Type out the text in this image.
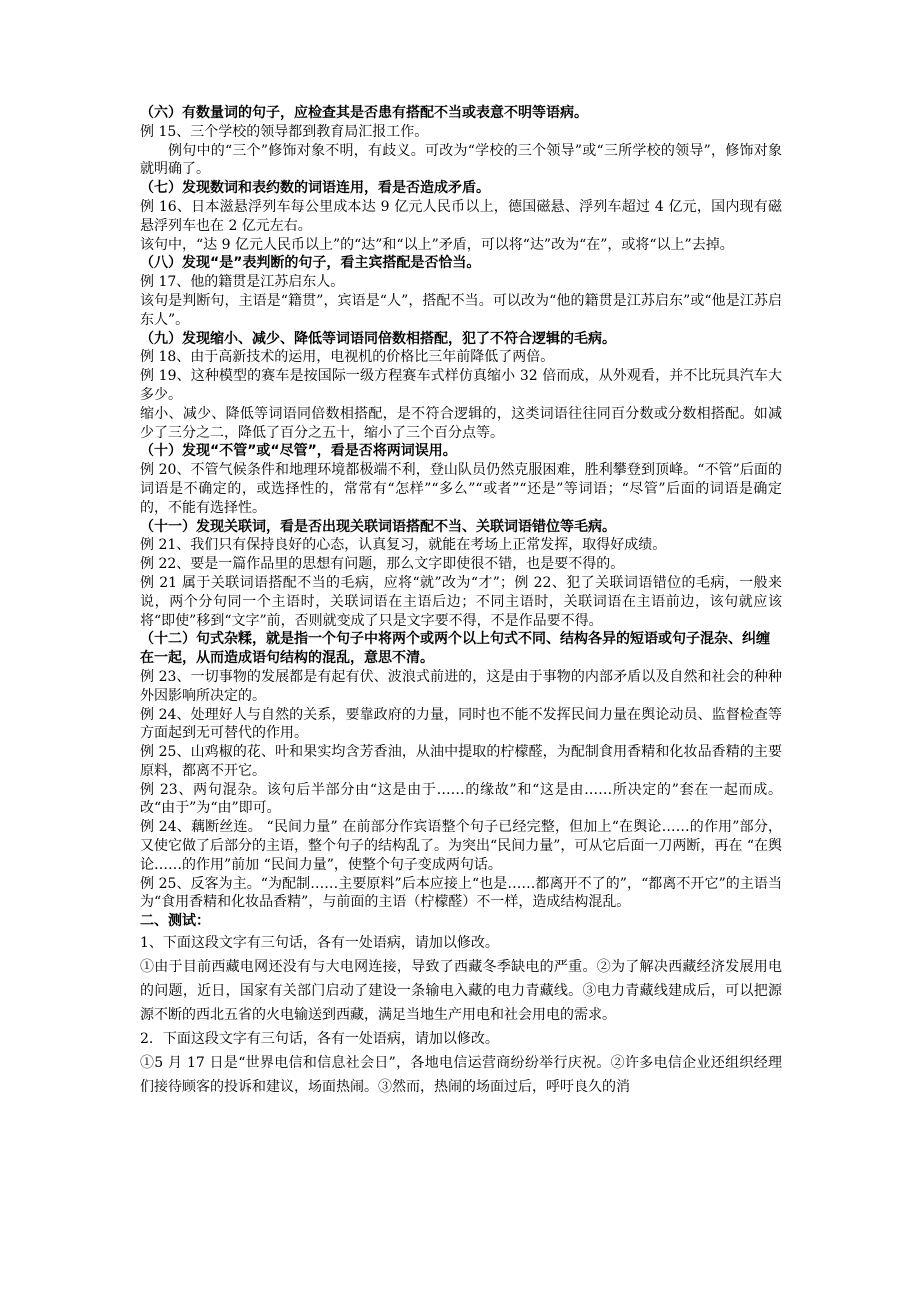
（六）有数量词的句子，应检查其是否患有搭配不当或表意不明等语病。

例 15、三个学校的领导都到教育局汇报工作。

例句中的“三个”修饰对象不明，有歧义。可改为“学校的三个领导”或“三所学校的领导”，修饰对象就明确了。

（七）发现数词和表约数的词语连用，看是否造成矛盾。

例 16、日本滋悬浮列车每公里成本达 9 亿元人民币以上，德国磁悬、浮列车超过 4 亿元，国内现有磁悬浮列车也在 2 亿元左右。

该句中，“达 9 亿元人民币以上”的“达”和“以上”矛盾，可以将“达”改为“在”，或将“以上”去掉。

（八）发现“是”表判断的句子，看主宾搭配是否恰当。

例 17、他的籍贯是江苏启东人。

该句是判断句，主语是“籍贯”，宾语是“人”，搭配不当。可以改为“他的籍贯是江苏启东”或“他是江苏启东人”。

（九）发现缩小、减少、降低等词语同倍数相搭配，犯了不符合逻辑的毛病。

例 18、由于高新技术的运用，电视机的价格比三年前降低了两倍。

例 19、这种模型的赛车是按国际一级方程赛车式样仿真缩小 32 倍而成，从外观看，并不比玩具汽车大多少。

缩小、减少、降低等词语同倍数相搭配，是不符合逻辑的，这类词语往往同百分数或分数相搭配。如减少了三分之二，降低了百分之五十，缩小了三个百分点等。

（十）发现“不管”或“尽管”，看是否将两词误用。

例 20、不管气候条件和地理环境都极端不利，登山队员仍然克服困难，胜利攀登到顶峰。“不管”后面的词语是不确定的，或选择性的，常常有“怎样”“多么”“或者”“还是”等词语；“尽管”后面的词语是确定的，不能有选择性。

（十一）发现关联词，看是否出现关联词语搭配不当、关联词语错位等毛病。

例 21、我们只有保持良好的心态，认真复习，就能在考场上正常发挥，取得好成绩。

例 22、要是一篇作品里的思想有问题，那么文字即使很不错，也是要不得的。

例 21 属于关联词语搭配不当的毛病，应将“就”改为“才”；例 22、犯了关联词语错位的毛病，一般来说，两个分句同一个主语时，关联词语在主语后边；不同主语时，关联词语在主语前边，该句就应该将“即使”移到“文字”前，否则就变成了只是文字要不得，不是作品要不得。

（十二）句式杂糅，就是指一个句子中将两个或两个以上句式不同、结构各异的短语或句子混杂、纠缠在一起，从而造成语句结构的混乱，意思不清。

例 23、一切事物的发展都是有起有伏、波浪式前进的，这是由于事物的内部矛盾以及自然和社会的种种外因影响所决定的。

例 24、处理好人与自然的关系，要靠政府的力量，同时也不能不发挥民间力量在舆论动员、监督检查等方面起到无可替代的作用。

例 25、山鸡椒的花、叶和果实均含芳香油，从油中提取的柠檬醛，为配制食用香精和化妆品香精的主要原料，都离不开它。

例 23、两句混杂。该句后半部分由“这是由于……的缘故”和“这是由……所决定的”套在一起而成。改“由于”为“由”即可。

例 24、藕断丝连。 “民间力量” 在前部分作宾语整个句子已经完整，但加上“在舆论……的作用”部分，又使它做了后部分的主语，整个句子的结构乱了。为突出“民间力量”，可从它后面一刀两断，再在 “在舆论……的作用”前加 “民间力量”，使整个句子变成两句话。

例 25、反客为主。“为配制……主要原料”后本应接上“也是……都离开不了的”，“都离不开它”的主语当为“食用香精和化妆品香精”，与前面的主语（柠檬醛）不一样，造成结构混乱。

二、测试：

1、下面这段文字有三句话，各有一处语病，请加以修改。

①由于目前西藏电网还没有与大电网连接，导致了西藏冬季缺电的严重。②为了解决西藏经济发展用电的问题，近日，国家有关部门启动了建设一条输电入藏的电力青藏线。③电力青藏线建成后，可以把源源不断的西北五省的火电输送到西藏，满足当地生产用电和社会用电的需求。

2．下面这段文字有三句话，各有一处语病，请加以修改。

①5 月 17 日是“世界电信和信息社会日”，各地电信运营商纷纷举行庆祝。②许多电信企业还组织经理们接待顾客的投诉和建议，场面热闹。③然而，热闹的场面过后，呼吁良久的消
